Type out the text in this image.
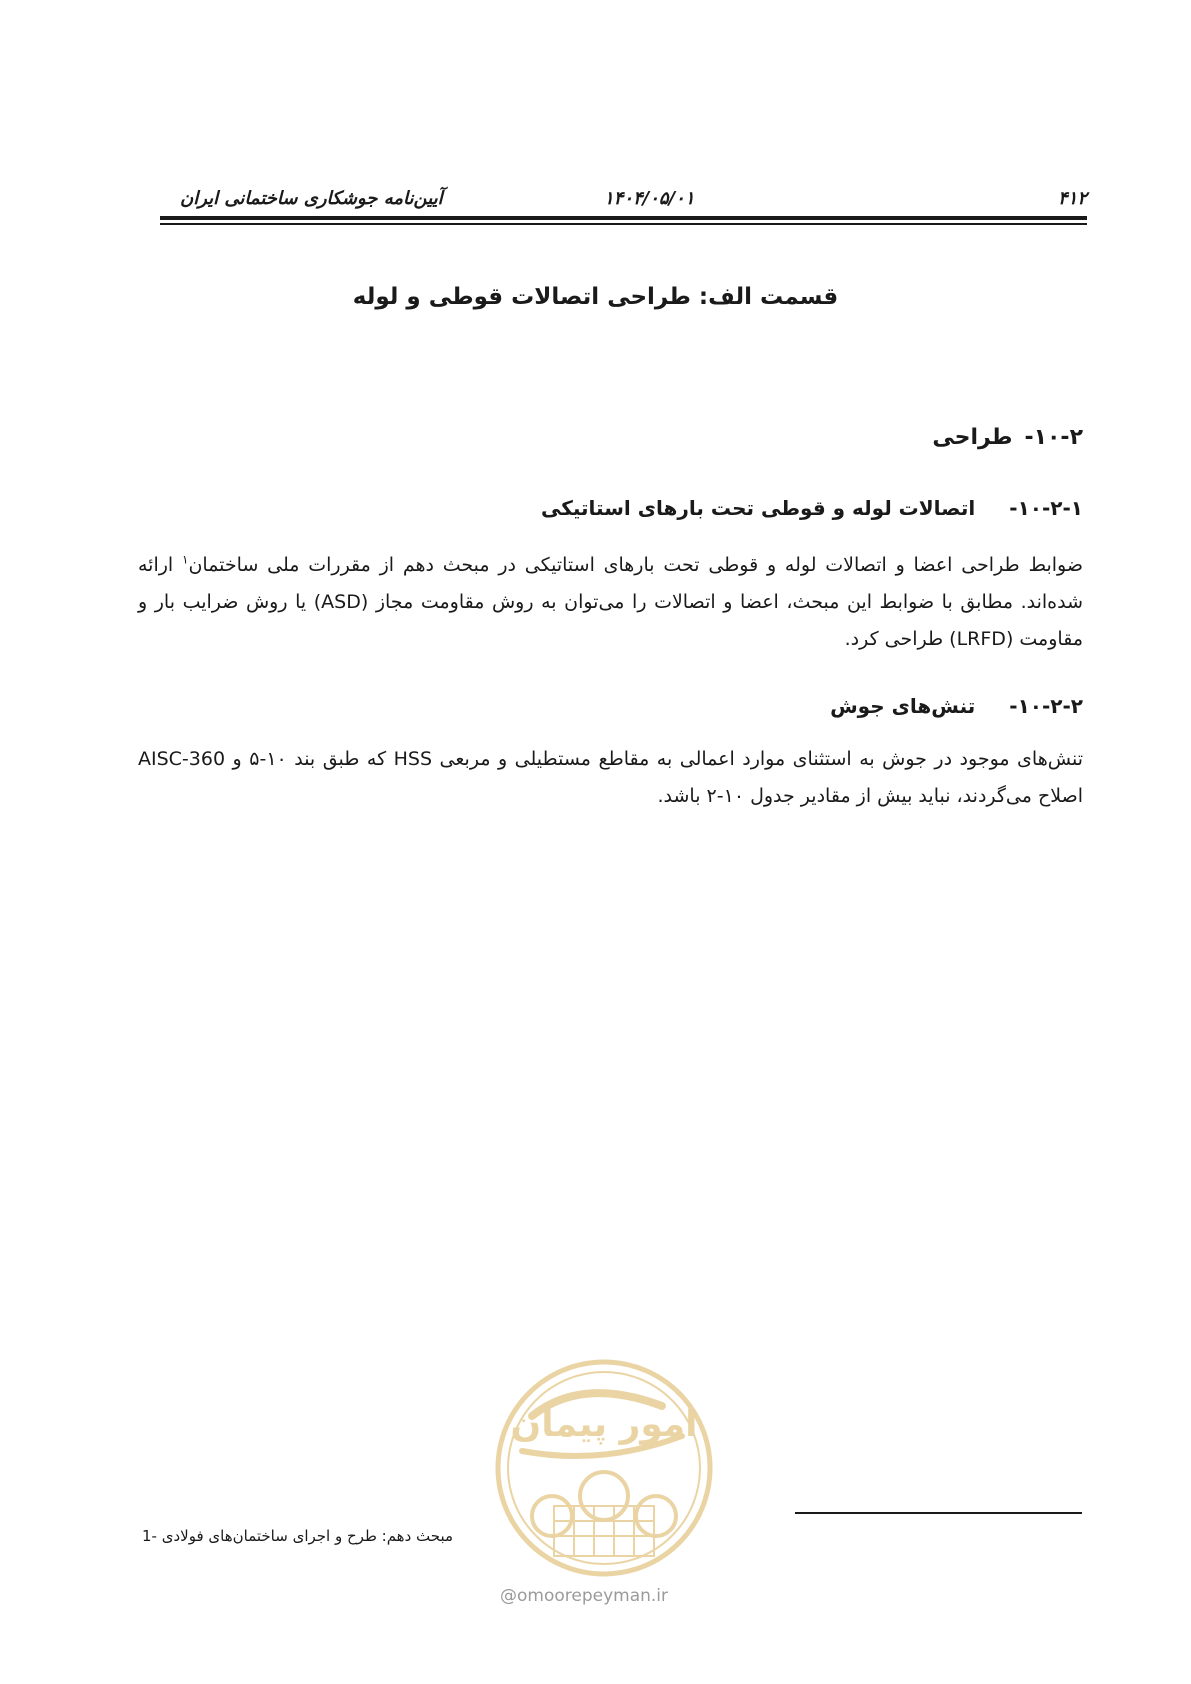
آیین‌نامه جوشکاری ساختمانی ایران	۱۴۰۴/۰۵/۰۱	۴۱۲
قسمت الف: طراحی اتصالات قوطی و لوله
۱۰-۲-طراحی
۱۰-۲-۱-اتصالات لوله و قوطی تحت بارهای استاتیکی
ضوابط طراحی اعضا و اتصالات لوله و قوطی تحت بارهای استاتیکی در مبحث دهم از مقررات ملی ساختمان$^۱$ ارائه شده‌اند. مطابق با ضوابط این مبحث، اعضا و اتصالات را می‌توان به روش مقاومت مجاز (ASD) یا روش ضرایب بار و مقاومت (LRFD) طراحی کرد.
۱۰-۲-۲-تنش‌های جوش
تنش‌های موجود در جوش به استثنای موارد اعمالی به مقاطع مستطیلی و مربعی HSS که طبق بند ۱۰-۵ و AISC-360 اصلاح می‌گردند، نباید بیش از مقادیر جدول ۱۰-۲ باشد.
امور پیمان
@omoorepeyman.ir
مبحث دهم: طرح و اجرای ساختمان‌های فولادی -1
